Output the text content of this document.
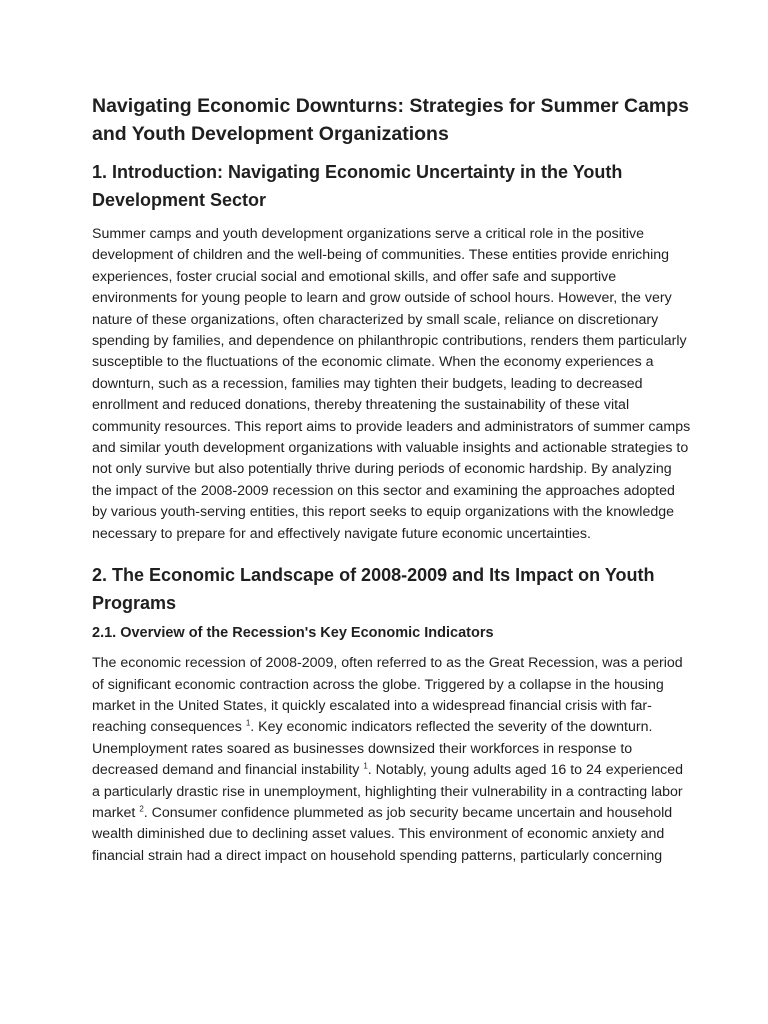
Navigating Economic Downturns: Strategies for Summer Camps and Youth Development Organizations
1. Introduction: Navigating Economic Uncertainty in the Youth Development Sector

Summer camps and youth development organizations serve a critical role in the positive development of children and the well-being of communities. These entities provide enriching experiences, foster crucial social and emotional skills, and offer safe and supportive environments for young people to learn and grow outside of school hours. However, the very nature of these organizations, often characterized by small scale, reliance on discretionary spending by families, and dependence on philanthropic contributions, renders them particularly susceptible to the fluctuations of the economic climate. When the economy experiences a downturn, such as a recession, families may tighten their budgets, leading to decreased enrollment and reduced donations, thereby threatening the sustainability of these vital community resources. This report aims to provide leaders and administrators of summer camps and similar youth development organizations with valuable insights and actionable strategies to not only survive but also potentially thrive during periods of economic hardship. By analyzing the impact of the 2008-2009 recession on this sector and examining the approaches adopted by various youth-serving entities, this report seeks to equip organizations with the knowledge necessary to prepare for and effectively navigate future economic uncertainties.

2. The Economic Landscape of 2008-2009 and Its Impact on Youth Programs
2.1. Overview of the Recession's Key Economic Indicators

The economic recession of 2008-2009, often referred to as the Great Recession, was a period of significant economic contraction across the globe. Triggered by a collapse in the housing market in the United States, it quickly escalated into a widespread financial crisis with far-reaching consequences $^1$. Key economic indicators reflected the severity of the downturn. Unemployment rates soared as businesses downsized their workforces in response to decreased demand and financial instability $^1$. Notably, young adults aged 16 to 24 experienced a particularly drastic rise in unemployment, highlighting their vulnerability in a contracting labor market $^2$. Consumer confidence plummeted as job security became uncertain and household wealth diminished due to declining asset values. This environment of economic anxiety and financial strain had a direct impact on household spending patterns, particularly concerning
